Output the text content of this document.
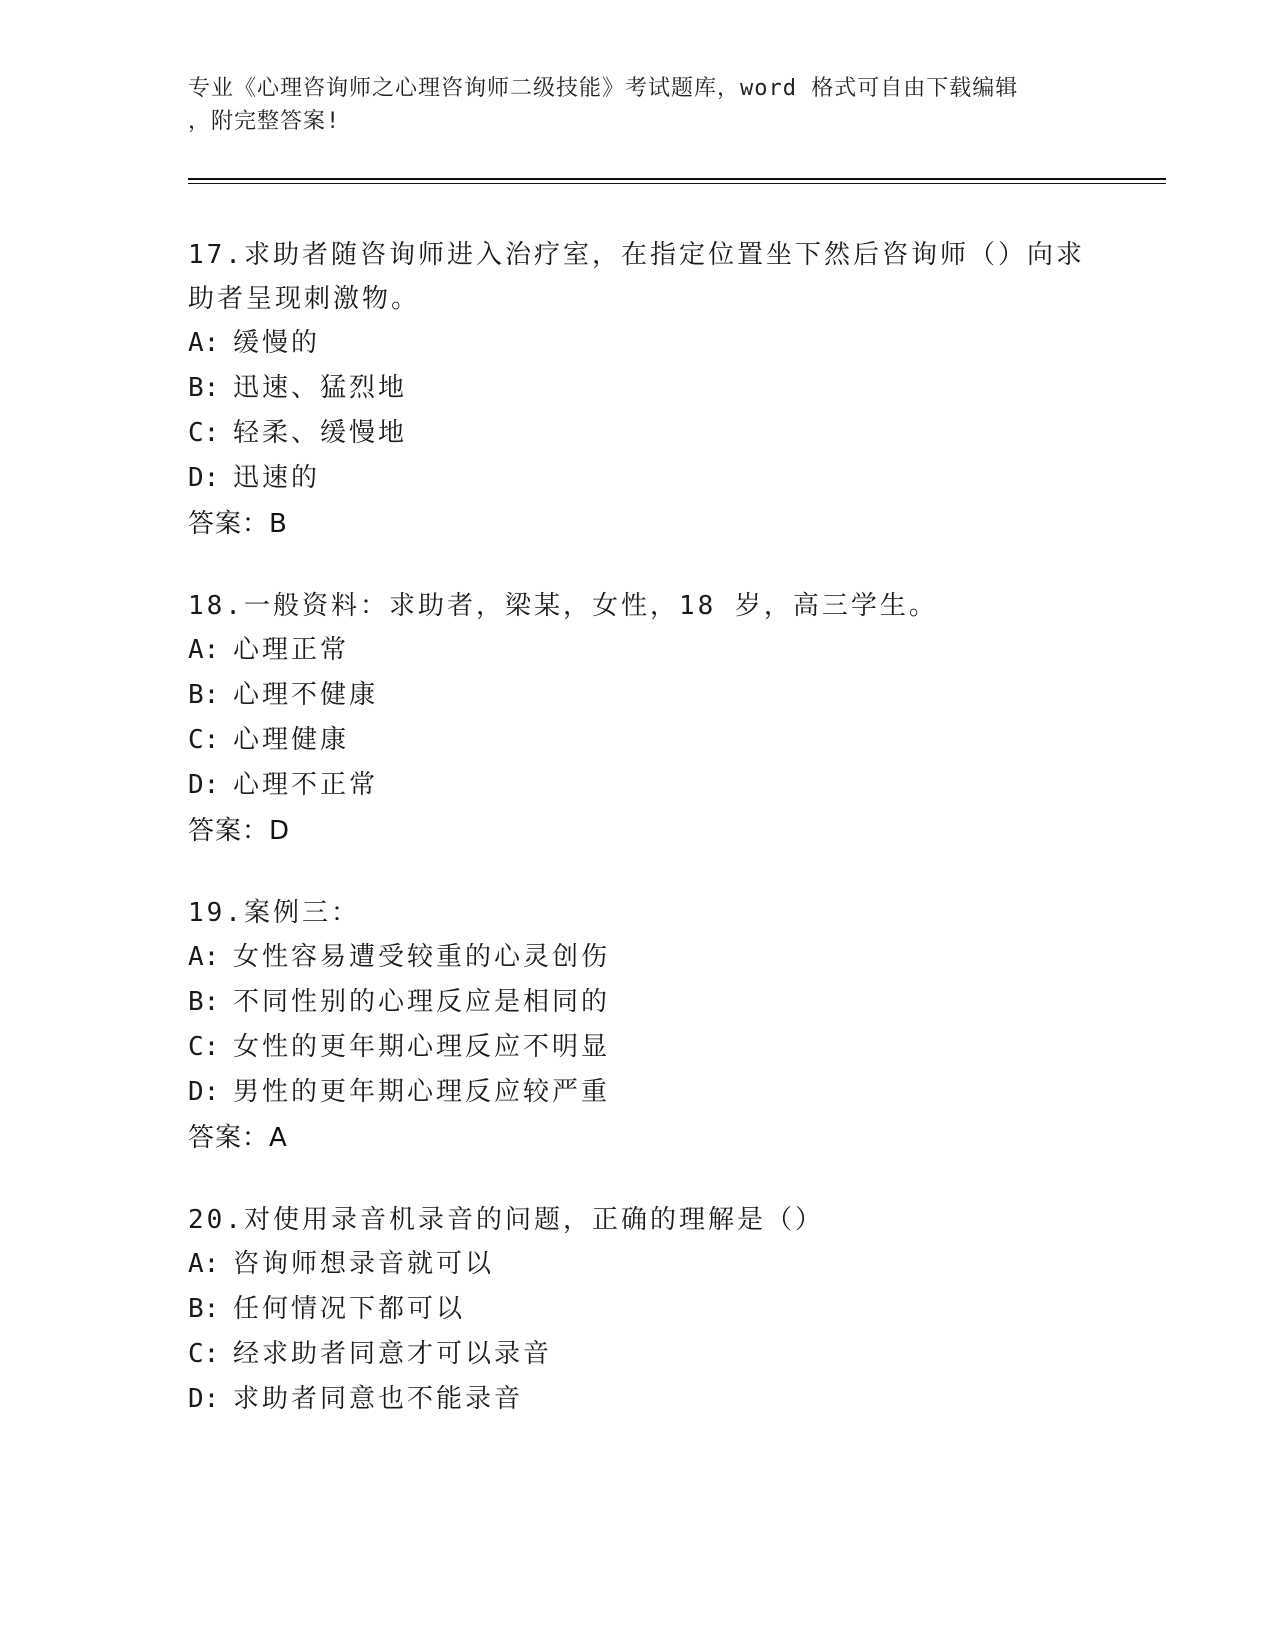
专业《心理咨询师之心理咨询师二级技能》考试题库，word 格式可自由下载编辑
，附完整答案!

17.求助者随咨询师进入治疗室，在指定位置坐下然后咨询师（）向求助者呈现刺激物。

A: 缓慢的

B: 迅速、猛烈地

C: 轻柔、缓慢地

D: 迅速的

答案：B

18.一般资料：求助者，梁某，女性，18 岁，高三学生。

A: 心理正常

B: 心理不健康

C: 心理健康

D: 心理不正常

答案：D

19.案例三：

A: 女性容易遭受较重的心灵创伤

B: 不同性别的心理反应是相同的

C: 女性的更年期心理反应不明显

D: 男性的更年期心理反应较严重

答案：A

20.对使用录音机录音的问题，正确的理解是（）

A: 咨询师想录音就可以

B: 任何情况下都可以

C: 经求助者同意才可以录音

D: 求助者同意也不能录音
